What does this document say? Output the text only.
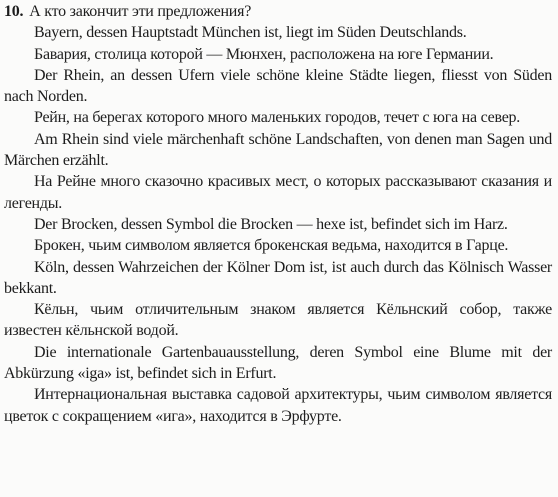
10. А кто закончит эти предложения?

Bayern, dessen Hauptstadt München ist, liegt im Süden Deutschlands.

Бавария, столица которой — Мюнхен, расположена на юге Германии.

Der Rhein, an dessen Ufern viele schöne kleine Städte liegen, fliesst von Süden nach Norden.

Рейн, на берегах которого много маленьких городов, течет с юга на север.

Am Rhein sind viele märchenhaft schöne Landschaften, von denen man Sagen und Märchen erzählt.

На Рейне много сказочно красивых мест, о которых рассказывают сказания и легенды.

Der Brocken, dessen Symbol die Brocken — hexe ist, befindet sich im Harz.

Брокен, чьим символом является брокенская ведьма, находится в Гарце.

Köln, dessen Wahrzeichen der Kölner Dom ist, ist auch durch das Kölnisch Wasser bekkant.

Кёльн, чьим отличительным знаком является Кёльнский собор, также известен кёльнской водой.

Die internationale Gartenbauausstellung, deren Symbol eine Blume mit der Abkürzung «iga» ist, befindet sich in Erfurt.

Интернациональная выставка садовой архитектуры, чьим символом является цветок с сокращением «ига», находится в Эрфурте.
